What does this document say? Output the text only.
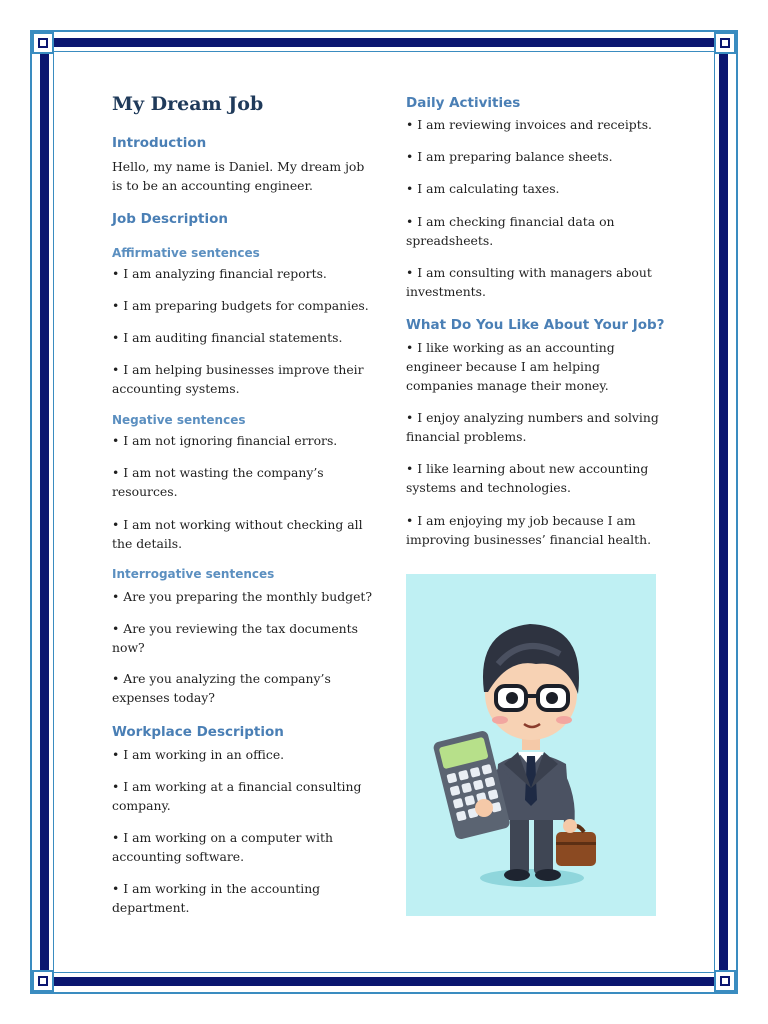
My Dream Job
Introduction

Hello, my name is Daniel. My dream job is to be an accounting engineer.

Job Description
Affirmative sentences

• I am analyzing financial reports.

• I am preparing budgets for companies.

• I am auditing financial statements.

• I am helping businesses improve their accounting systems.

Negative sentences

• I am not ignoring financial errors.

• I am not wasting the company’s resources.

• I am not working without checking all the details.

Interrogative sentences

• Are you preparing the monthly budget?

• Are you reviewing the tax documents now?

• Are you analyzing the company’s expenses today?

Workplace Description

• I am working in an office.

• I am working at a financial consulting company.

• I am working on a computer with accounting software.

• I am working in the accounting department.

Daily Activities

• I am reviewing invoices and receipts.

• I am preparing balance sheets.

• I am calculating taxes.

• I am checking financial data on spreadsheets.

• I am consulting with managers about investments.

What Do You Like About Your Job?

• I like working as an accounting engineer because I am helping companies manage their money.

• I enjoy analyzing numbers and solving financial problems.

• I like learning about new accounting systems and technologies.

• I am enjoying my job because I am improving businesses’ financial health.
